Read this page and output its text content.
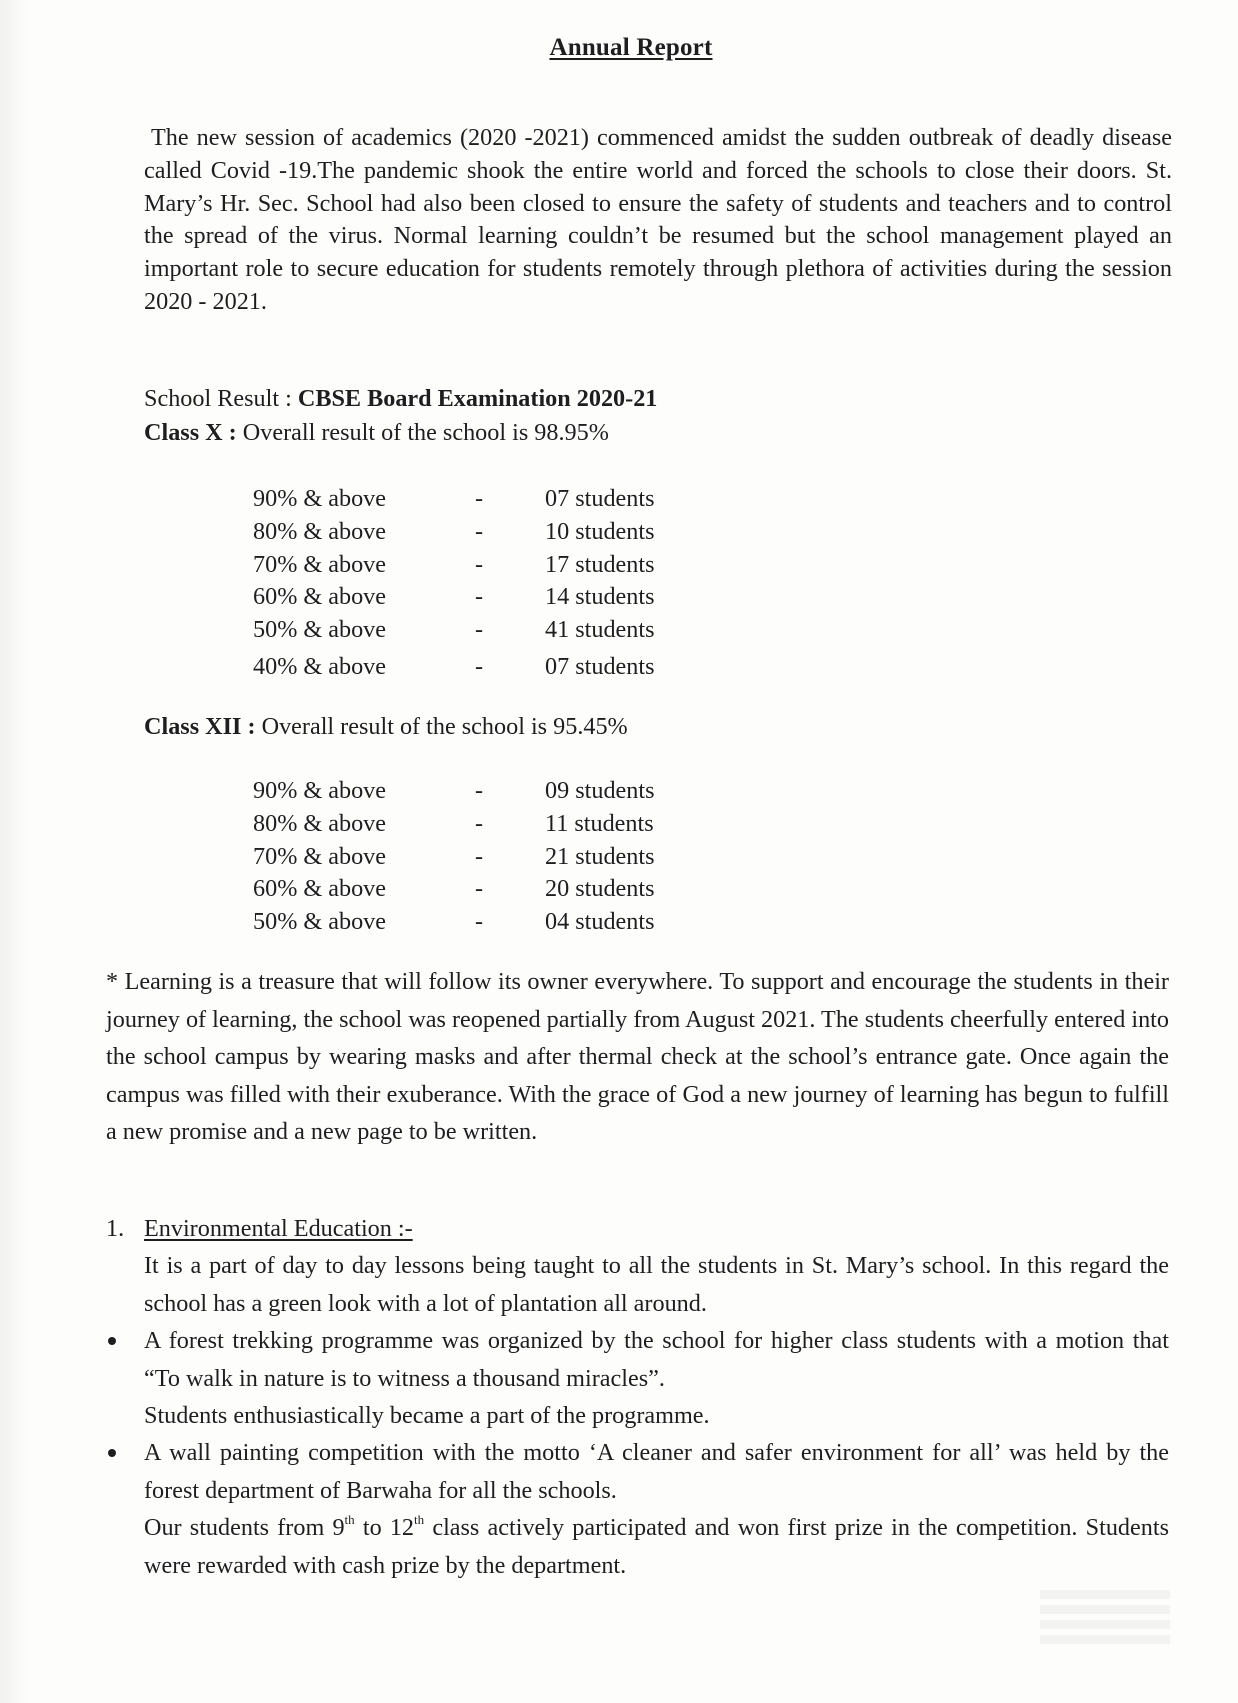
Annual Report
The new session of academics (2020 -2021) commenced amidst the sudden outbreak of deadly disease called Covid -19.The pandemic shook the entire world and forced the schools to close their doors. St. Mary’s Hr. Sec. School had also been closed to ensure the safety of students and teachers and to control the spread of the virus. Normal learning couldn’t be resumed but the school management played an important role to secure education for students remotely through plethora of activities during the session 2020 - 2021.
School Result : CBSE Board Examination 2020-21
Class X : Overall result of the school is 98.95%
90% & above	-	07 students
80% & above	-	10 students
70% & above	-	17 students
60% & above	-	14 students
50% & above	-	41 students
40% & above	-	07 students
Class XII : Overall result of the school is 95.45%
90% & above	-	09 students
80% & above	-	11 students
70% & above	-	21 students
60% & above	-	20 students
50% & above	-	04 students
* Learning is a treasure that will follow its owner everywhere. To support and encourage the students in their journey of learning, the school was reopened partially from August 2021. The students cheerfully entered into the school campus by wearing masks and after thermal check at the school’s entrance gate. Once again the campus was filled with their exuberance. With the grace of God a new journey of learning has begun to fulfill a new promise and a new page to be written.
1. Environmental Education :-
It is a part of day to day lessons being taught to all the students in St. Mary’s school. In this regard the school has a green look with a lot of plantation all around.
A forest trekking programme was organized by the school for higher class students with a motion that “To walk in nature is to witness a thousand miracles”.
Students enthusiastically became a part of the programme.
A wall painting competition with the motto ‘A cleaner and safer environment for all’ was held by the forest department of Barwaha for all the schools.
Our students from 9th to 12th class actively participated and won first prize in the competition. Students were rewarded with cash prize by the department.
